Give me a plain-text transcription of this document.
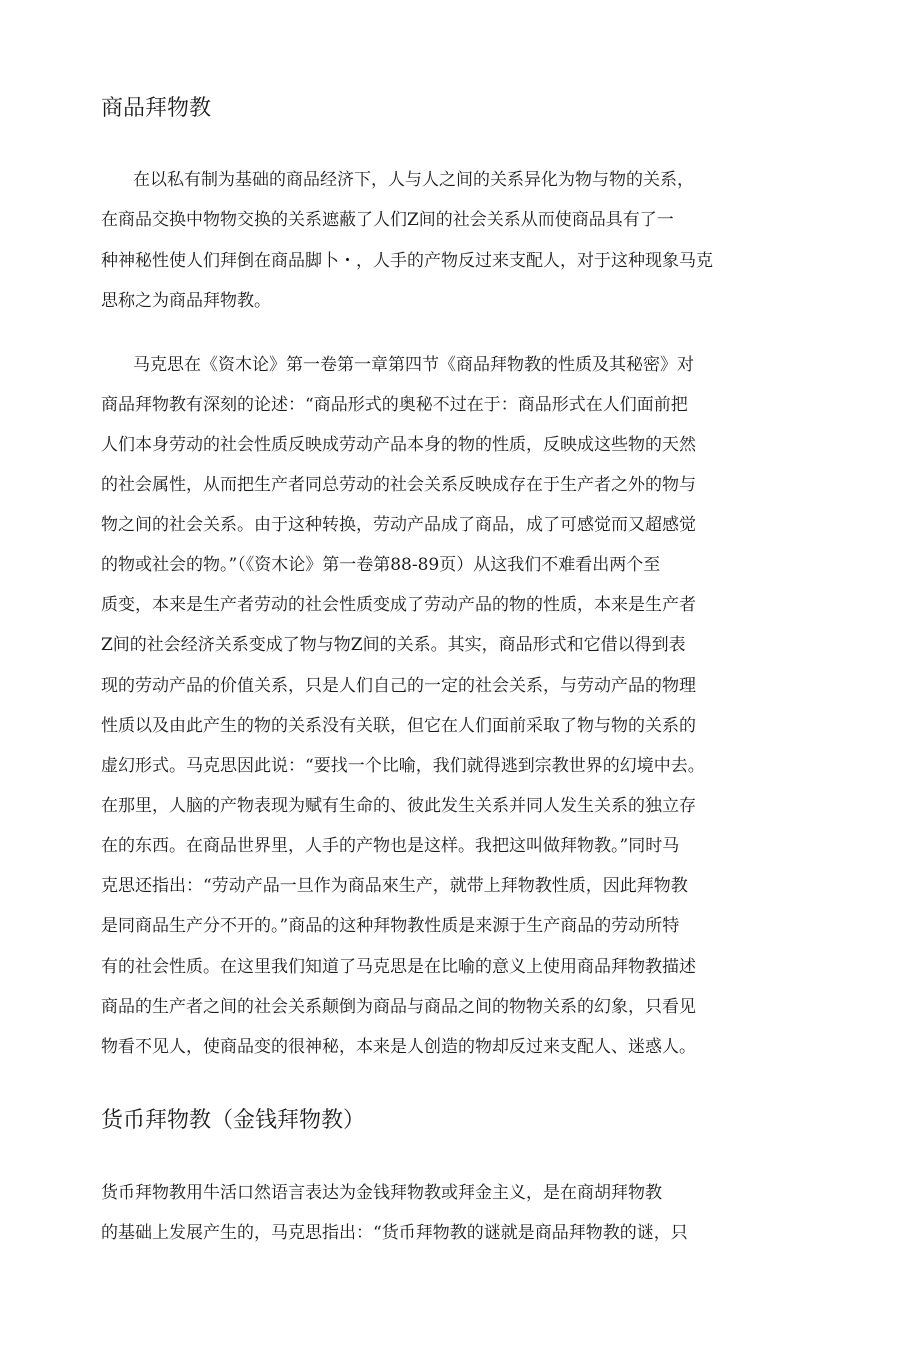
商品拜物教

在以私有制为基础的商品经济下，人与人之间的关系异化为物与物的关系，

在商品交换中物物交换的关系遮蔽了人们Z间的社会关系从而使商品具有了一

种神秘性使人们拜倒在商品脚卜・，人手的产物反过来支配人，对于这种现象马克

思称之为商品拜物教。

马克思在《资木论》第一卷第一章第四节《商品拜物教的性质及其秘密》对

商品拜物教有深刻的论述：“商品形式的奥秘不过在于：商品形式在人们面前把

人们本身劳动的社会性质反映成劳动产品本身的物的性质，反映成这些物的天然

的社会属性，从而把生产者同总劳动的社会关系反映成存在于生产者之外的物与

物之间的社会关系。由于这种转换，劳动产品成了商品，成了可感觉而又超感觉

的物或社会的物。”（《资木论》第一卷第88-89页）从这我们不难看出两个至

质变，本来是生产者劳动的社会性质变成了劳动产品的物的性质，本来是生产者

Z间的社会经济关系变成了物与物Z间的关系。其实，商品形式和它借以得到表

现的劳动产品的价值关系，只是人们自己的一定的社会关系，与劳动产品的物理

性质以及由此产生的物的关系没有关联，但它在人们面前采取了物与物的关系的

虚幻形式。马克思因此说：“要找一个比喻，我们就得逃到宗教世界的幻境中去。

在那里，人脑的产物表现为赋有生命的、彼此发生关系并同人发生关系的独立存

在的东西。在商品世界里，人手的产物也是这样。我把这叫做拜物教。”同时马

克思还指出：“劳动产品一旦作为商品來生产，就带上拜物教性质，因此拜物教

是同商品生产分不开的。”商品的这种拜物教性质是来源于生产商品的劳动所特

有的社会性质。在这里我们知道了马克思是在比喻的意义上使用商品拜物教描述

商品的生产者之间的社会关系颠倒为商品与商品之间的物物关系的幻象，只看见

物看不见人，使商品变的很神秘，本来是人创造的物却反过来支配人、迷惑人。

货币拜物教（金钱拜物教）

货币拜物教用牛活口然语言表达为金钱拜物教或拜金主义，是在商胡拜物教

的基础上发展产生的，马克思指出：“货币拜物教的谜就是商品拜物教的谜，只
